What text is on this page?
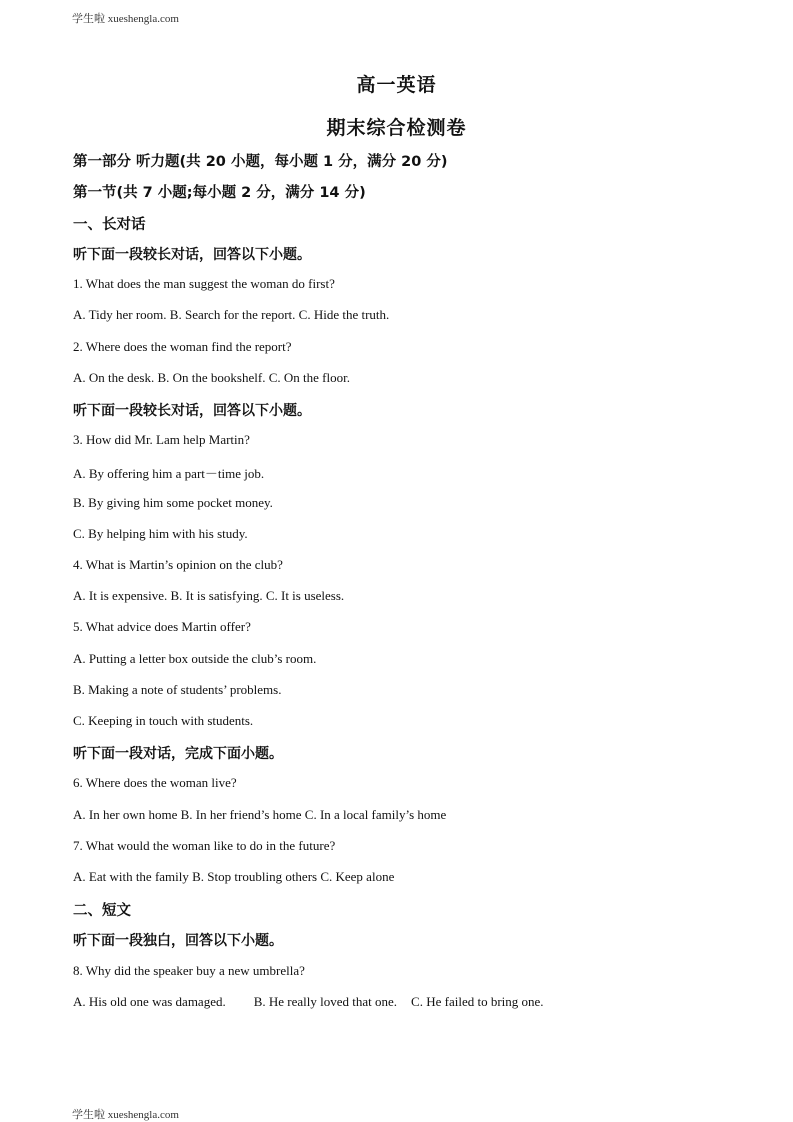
学生啦 xueshengla.com
高一英语
期末综合检测卷
第一部分 听力题(共 20 小题，每小题 1 分，满分 20 分)
第一节(共 7 小题;每小题 2 分，满分 14 分)
一、长对话
听下面一段较长对话，回答以下小题。
1. What does the man suggest the woman do first?
A. Tidy her room. B. Search for the report. C. Hide the truth.
2. Where does the woman find the report?
A. On the desk. B. On the bookshelf. C. On the floor.
听下面一段较长对话，回答以下小题。
3. How did Mr. Lam help Martin?
A. By offering him a part－time job.
B. By giving him some pocket money.
C. By helping him with his study.
4. What is Martin’s opinion on the club?
A. It is expensive. B. It is satisfying. C. It is useless.
5. What advice does Martin offer?
A. Putting a letter box outside the club’s room.
B. Making a note of students’ problems.
C. Keeping in touch with students.
听下面一段对话，完成下面小题。
6. Where does the woman live?
A. In her own home B. In her friend’s home C. In a local family’s home
7. What would the woman like to do in the future?
A. Eat with the family B. Stop troubling others C. Keep alone
二、短文
听下面一段独白，回答以下小题。
8. Why did the speaker buy a new umbrella?
A. His old one was damaged. B. He really loved that one. C. He failed to bring one.
学生啦 xueshengla.com
